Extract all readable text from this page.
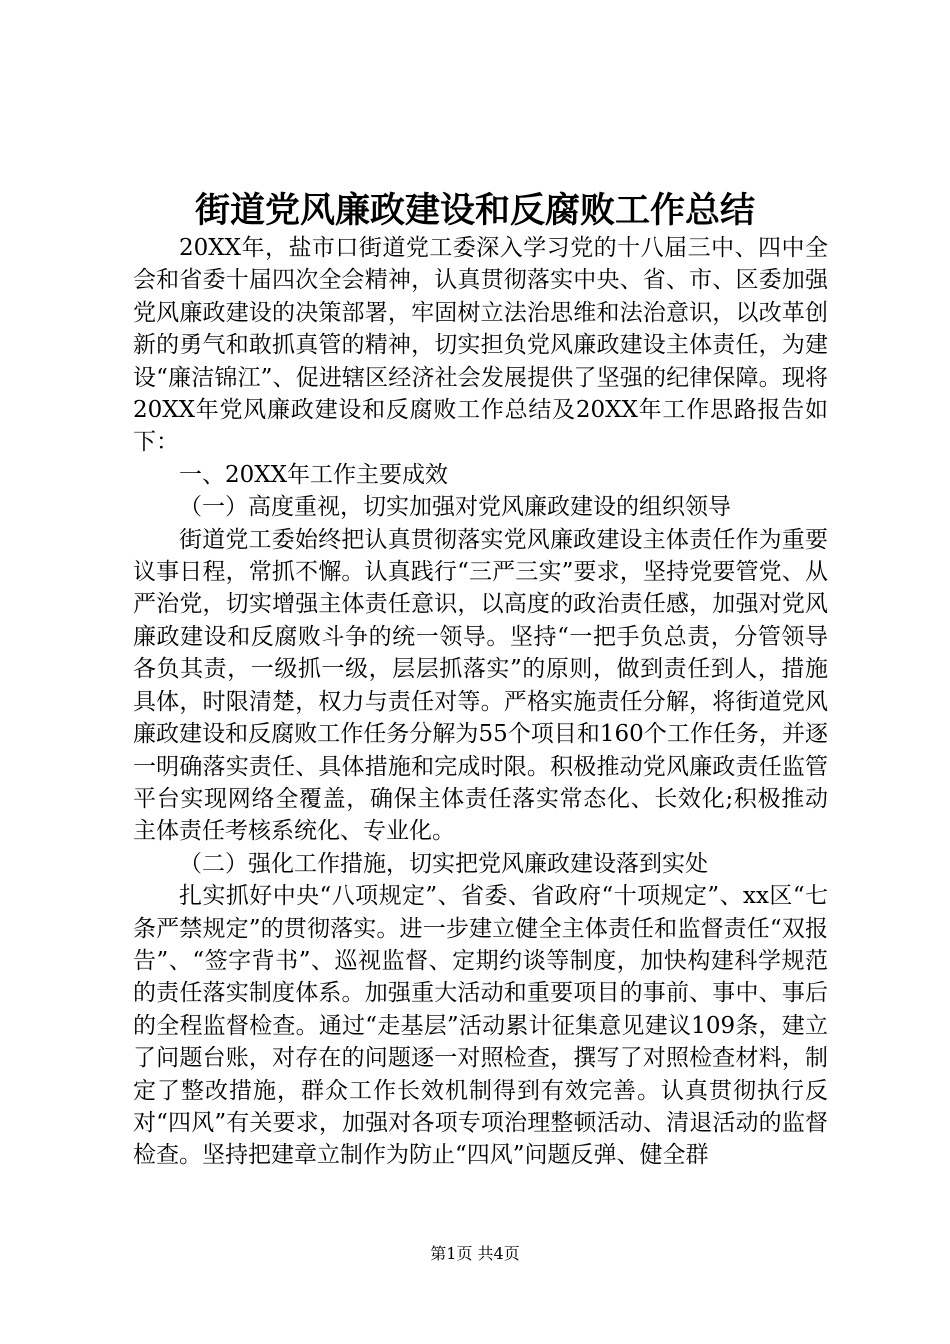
街道党风廉政建设和反腐败工作总结

20XX年，盐市口街道党工委深入学习党的十八届三中、四中全会和省委十届四次全会精神，认真贯彻落实中央、省、市、区委加强党风廉政建设的决策部署，牢固树立法治思维和法治意识，以改革创新的勇气和敢抓真管的精神，切实担负党风廉政建设主体责任，为建设“廉洁锦江”、促进辖区经济社会发展提供了坚强的纪律保障。现将20XX年党风廉政建设和反腐败工作总结及20XX年工作思路报告如下：

一、20XX年工作主要成效

（一）高度重视，切实加强对党风廉政建设的组织领导

街道党工委始终把认真贯彻落实党风廉政建设主体责任作为重要议事日程，常抓不懈。认真践行“三严三实”要求，坚持党要管党、从严治党，切实增强主体责任意识，以高度的政治责任感，加强对党风廉政建设和反腐败斗争的统一领导。坚持“一把手负总责，分管领导各负其责，一级抓一级，层层抓落实”的原则，做到责任到人，措施具体，时限清楚，权力与责任对等。严格实施责任分解，将街道党风廉政建设和反腐败工作任务分解为55个项目和160个工作任务，并逐一明确落实责任、具体措施和完成时限。积极推动党风廉政责任监管平台实现网络全覆盖，确保主体责任落实常态化、长效化;积极推动主体责任考核系统化、专业化。

（二）强化工作措施，切实把党风廉政建设落到实处

扎实抓好中央“八项规定”、省委、省政府“十项规定”、xx区“七条严禁规定”的贯彻落实。进一步建立健全主体责任和监督责任“双报告”、“签字背书”、巡视监督、定期约谈等制度，加快构建科学规范的责任落实制度体系。加强重大活动和重要项目的事前、事中、事后的全程监督检查。通过“走基层”活动累计征集意见建议109条，建立了问题台账，对存在的问题逐一对照检查，撰写了对照检查材料，制定了整改措施，群众工作长效机制得到有效完善。认真贯彻执行反对“四风”有关要求，加强对各项专项治理整顿活动、清退活动的监督检查。坚持把建章立制作为防止“四风”问题反弹、健全群

第1页 共4页
